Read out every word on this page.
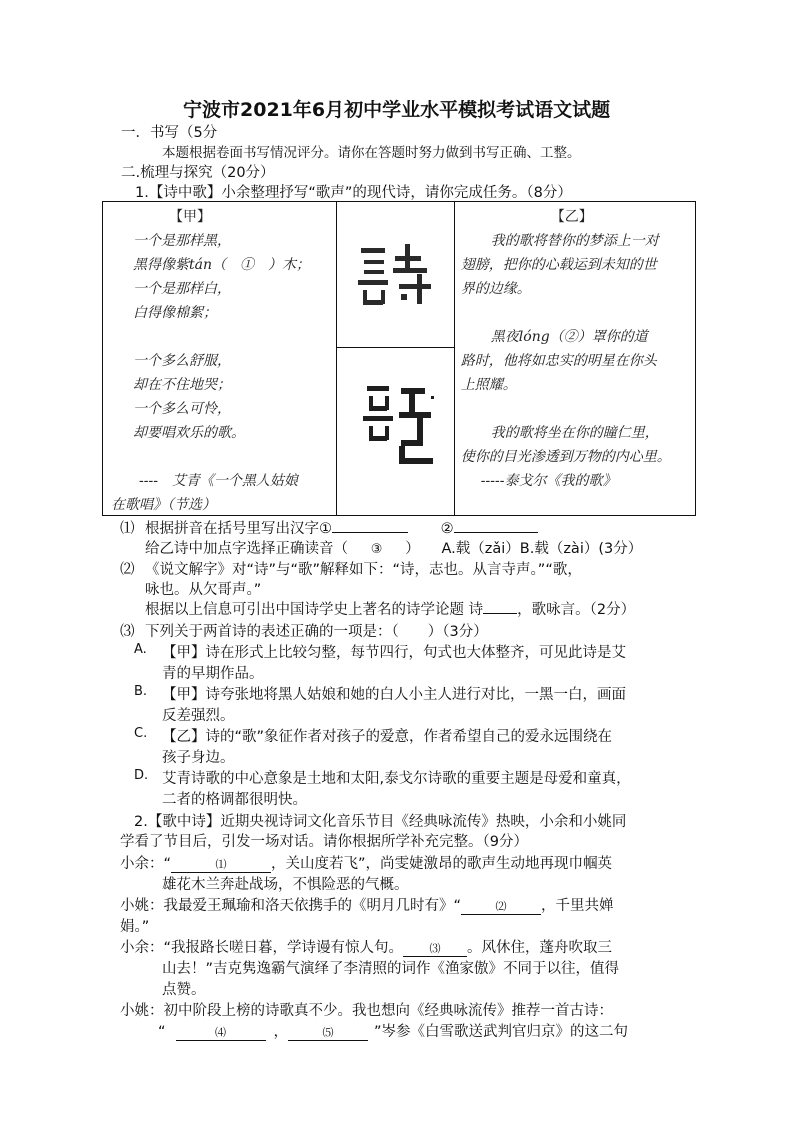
宁波市2021年6月初中学业水平模拟考试语文试题
一．书写（5分
本题根据卷面书写情况评分。请你在答题时努力做到书写正确、工整。
二.梳理与探究（20分）
1.【诗中歌】小余整理抒写“歌声”的现代诗，请你完成任务。（8分）
【甲】
一个是那样黑，
黑得像紫tán（　①　）木；
一个是那样白，
白得像棉絮；
一个多么舒服，
却在不住地哭；
一个多么可怜，
却要唱欢乐的歌。
----　艾青《一个黑人姑娘
在歌唱》（节选）

【乙】
我的歌将替你的梦添上一对
翅膀，把你的心载运到未知的世
界的边缘。
黑夜lóng（②）罩你的道
路时，他将如忠实的明星在你头
上照耀。
我的歌将坐在你的瞳仁里，
使你的目光渗透到万物的内心里。
-----泰戈尔《我的歌》

⑴ 根据拼音在括号里写出汉字①	②
给乙诗中加点字选择正确读音（ ③ ）　　A.载（zǎi）B.载（zài）(3分）
⑵ 《说文解字》对“诗”与“歌”解释如下：“诗，志也。从言寺声。”“歌，
咏也。从欠哥声。”
根据以上信息可引出中国诗学史上著名的诗学论题 诗 ，歌咏言。（2分）
⑶ 下列关于两首诗的表述正确的一项是：（　　）（3分）
A. 【甲】诗在形式上比较匀整，每节四行，句式也大体整齐，可见此诗是艾
青的早期作品。
B. 【甲】诗夸张地将黑人姑娘和她的白人小主人进行对比，一黑一白，画面
反差强烈。
C. 【乙】诗的“歌”象征作者对孩子的爱意，作者希望自己的爱永远围绕在
孩子身边。
D. 艾青诗歌的中心意象是土地和太阳,泰戈尔诗歌的重要主题是母爱和童真，
二者的格调都很明快。
2.【歌中诗】近期央视诗词文化音乐节目《经典咏流传》热映，小余和小姚同
学看了节目后，引发一场对话。请你根据所学补充完整。（9分）
小余：“	⑴	，关山度若飞”，尚雯婕激昂的歌声生动地再现巾帼英
雄花木兰奔赴战场，不惧险恶的气概。
小姚：我最爱王珮瑜和洛天依携手的《明月几时有》“	⑵ ，千里共婵
娟。”
小余：“我报路长嗟日暮，学诗谩有惊人句。 ⑶ 。风休住，蓬舟吹取三
山去！”吉克隽逸霸气演绎了李清照的词作《渔家傲》不同于以往，值得
点赞。
小姚：初中阶段上榜的诗歌真不少。我也想向《经典咏流传》推荐一首古诗：
“	⑷	，	⑸	”岑参《白雪歌送武判官归京》的这二句
